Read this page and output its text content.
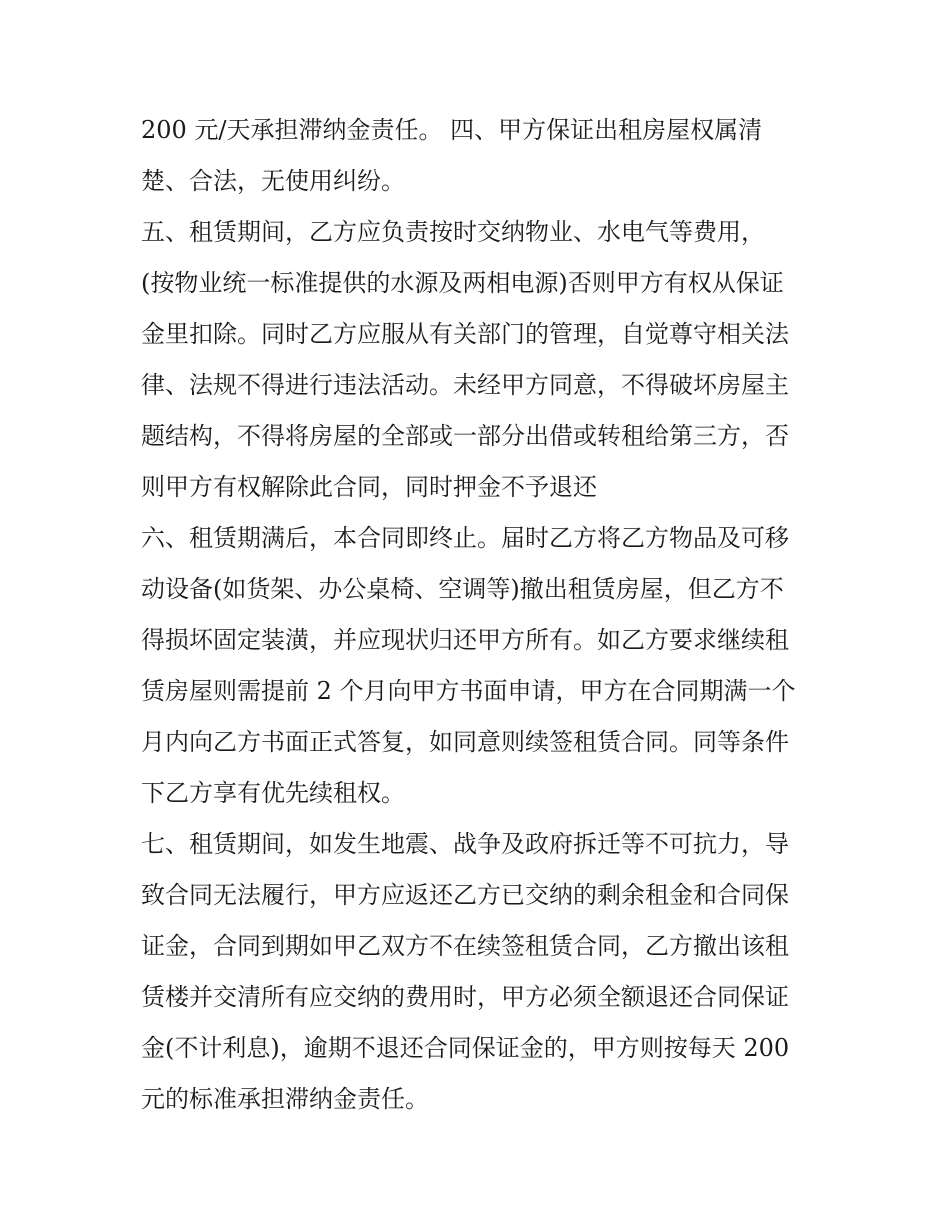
200 元/天承担滞纳金责任。 四、甲方保证出租房屋权属清
楚、合法，无使用纠纷。
五、租赁期间，乙方应负责按时交纳物业、水电气等费用，
(按物业统一标准提供的水源及两相电源)否则甲方有权从保证
金里扣除。同时乙方应服从有关部门的管理，自觉尊守相关法
律、法规不得进行违法活动。未经甲方同意，不得破坏房屋主
题结构，不得将房屋的全部或一部分出借或转租给第三方，否
则甲方有权解除此合同，同时押金不予退还
六、租赁期满后，本合同即终止。届时乙方将乙方物品及可移
动设备(如货架、办公桌椅、空调等)撤出租赁房屋，但乙方不
得损坏固定装潢，并应现状归还甲方所有。如乙方要求继续租
赁房屋则需提前 2 个月向甲方书面申请，甲方在合同期满一个
月内向乙方书面正式答复，如同意则续签租赁合同。同等条件
下乙方享有优先续租权。
七、租赁期间，如发生地震、战争及政府拆迁等不可抗力，导
致合同无法履行，甲方应返还乙方已交纳的剩余租金和合同保
证金，合同到期如甲乙双方不在续签租赁合同，乙方撤出该租
赁楼并交清所有应交纳的费用时，甲方必须全额退还合同保证
金(不计利息)，逾期不退还合同保证金的，甲方则按每天 200
元的标准承担滞纳金责任。
